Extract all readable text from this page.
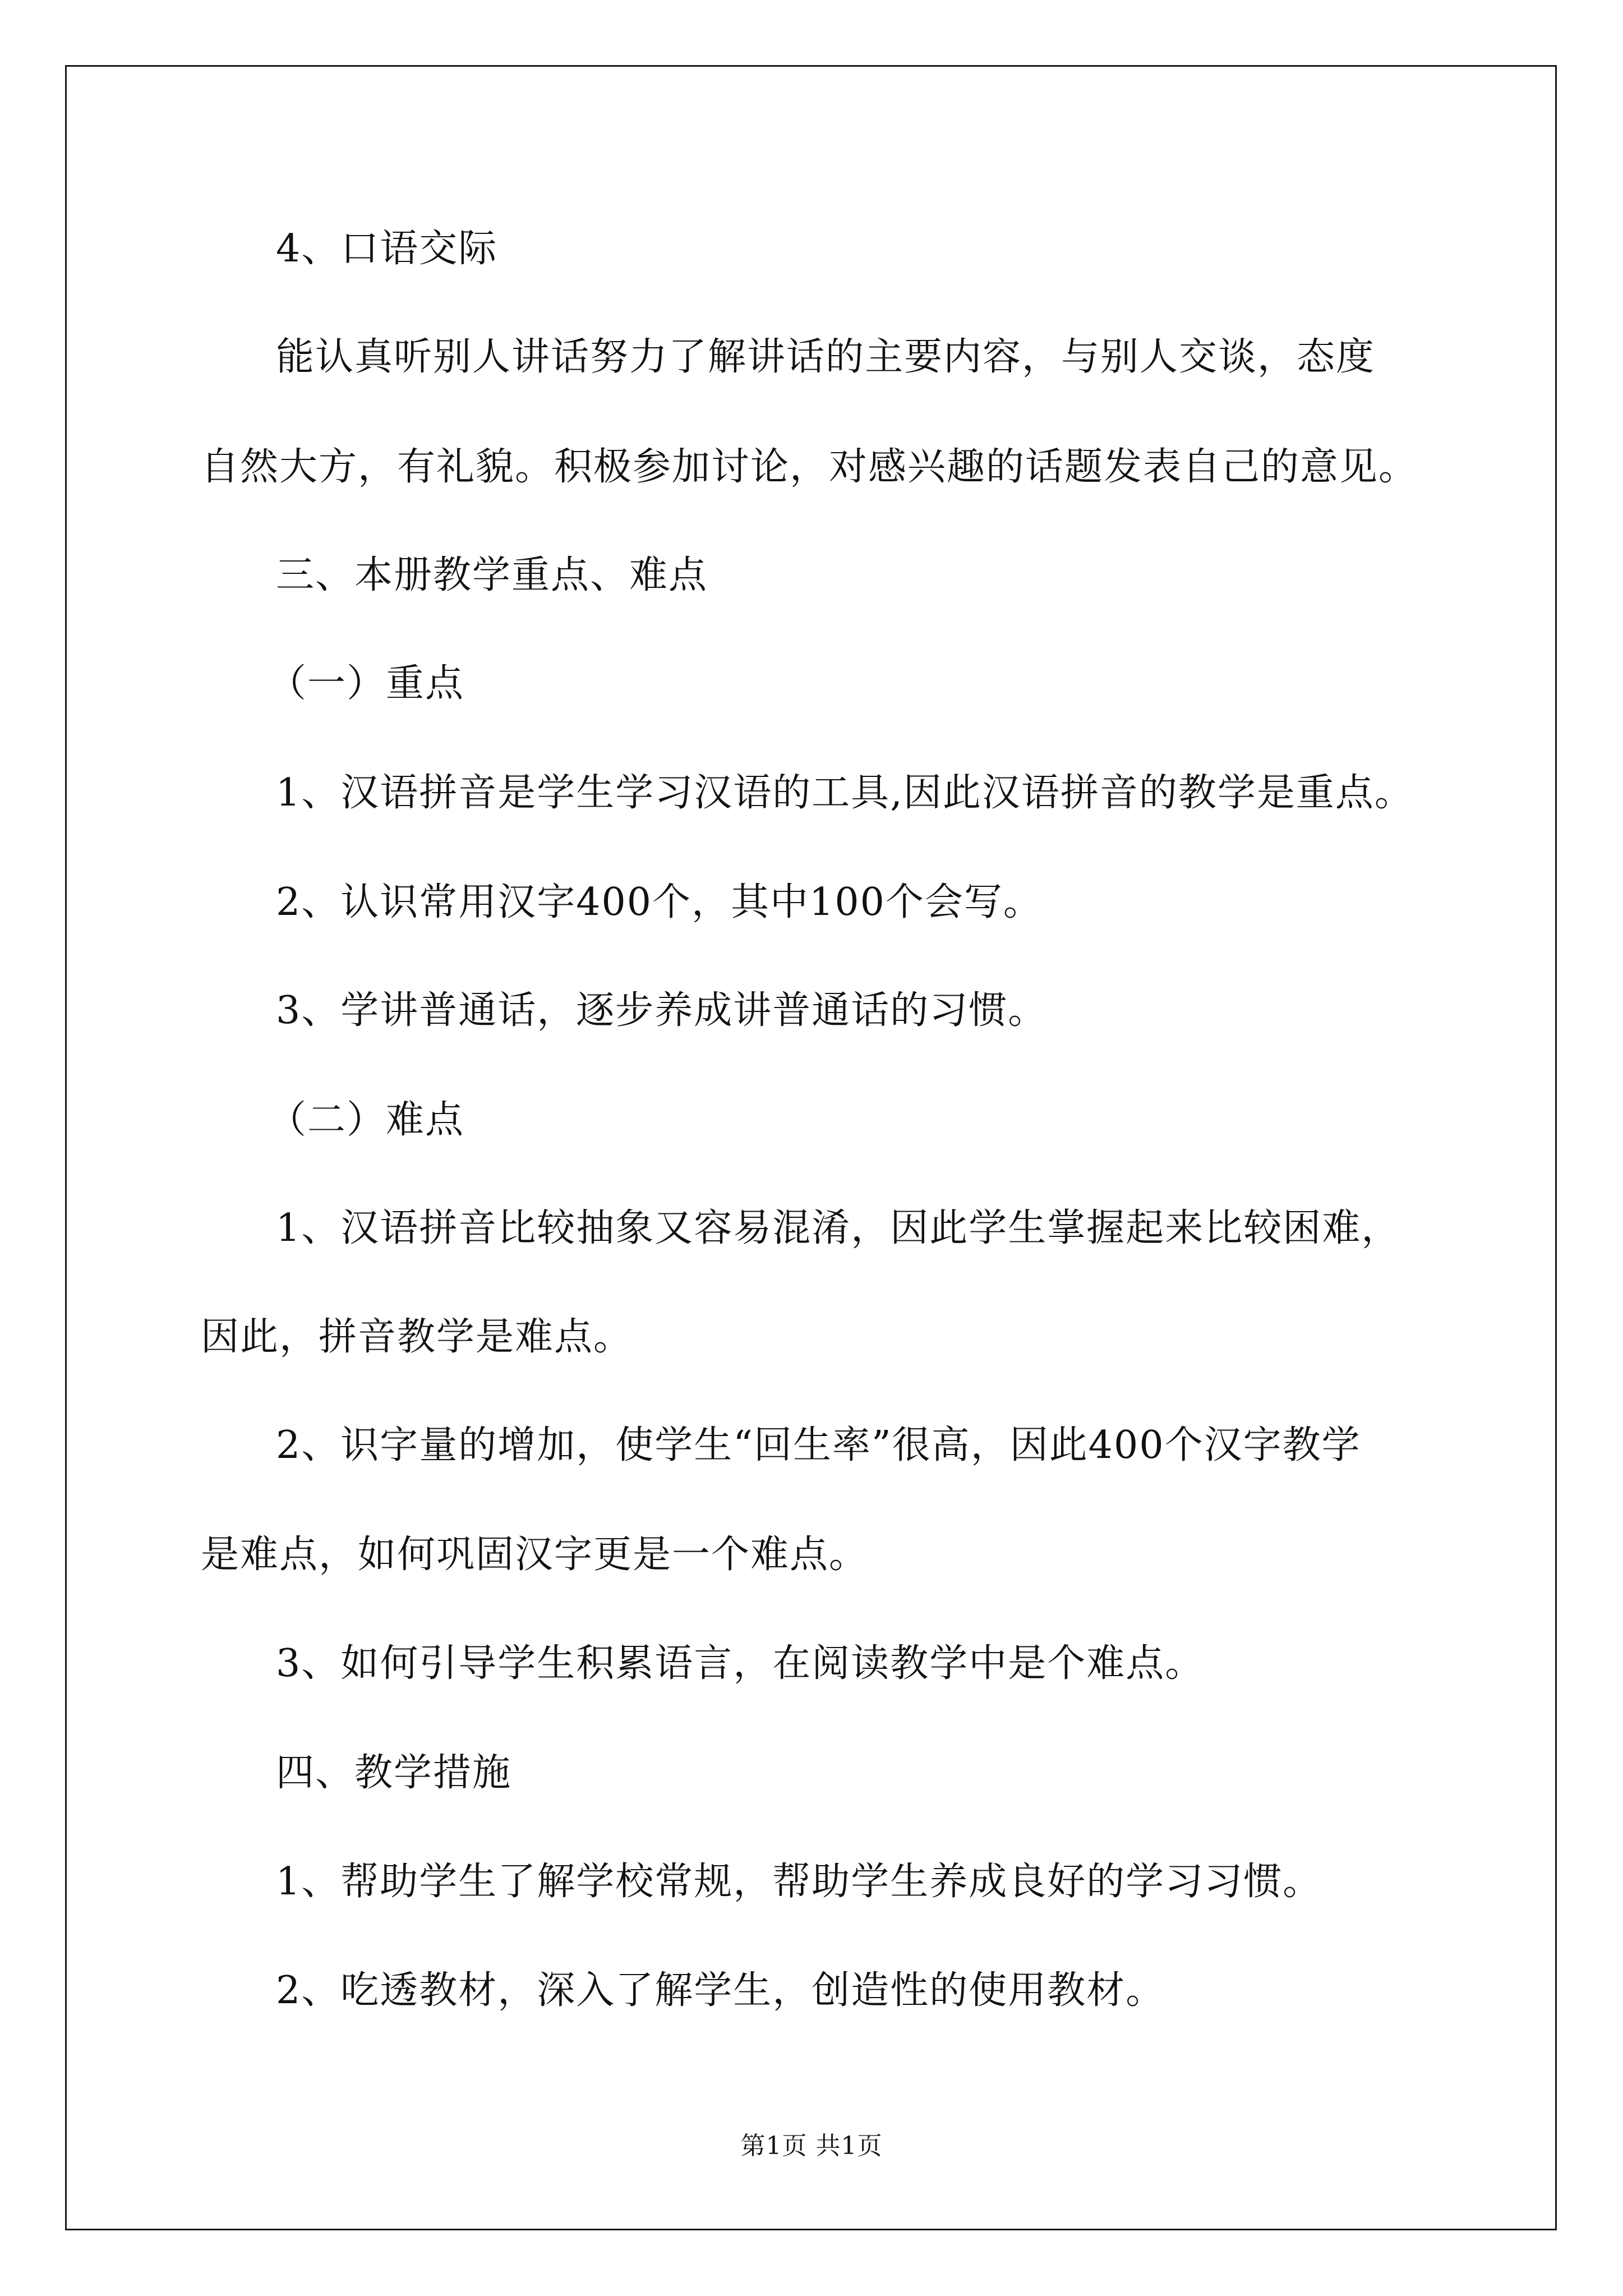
4、口语交际
能认真听别人讲话努力了解讲话的主要内容，与别人交谈，态度
自然大方，有礼貌。积极参加讨论，对感兴趣的话题发表自己的意见。
三、本册教学重点、难点
（一）重点
1、汉语拼音是学生学习汉语的工具,因此汉语拼音的教学是重点。
2、认识常用汉字400个，其中100个会写。
3、学讲普通话，逐步养成讲普通话的习惯。
（二）难点
1、汉语拼音比较抽象又容易混淆，因此学生掌握起来比较困难，
因此，拼音教学是难点。
2、识字量的增加，使学生“回生率”很高，因此400个汉字教学
是难点，如何巩固汉字更是一个难点。
3、如何引导学生积累语言，在阅读教学中是个难点。
四、教学措施
1、帮助学生了解学校常规，帮助学生养成良好的学习习惯。
2、吃透教材，深入了解学生，创造性的使用教材。
第1页 共1页
